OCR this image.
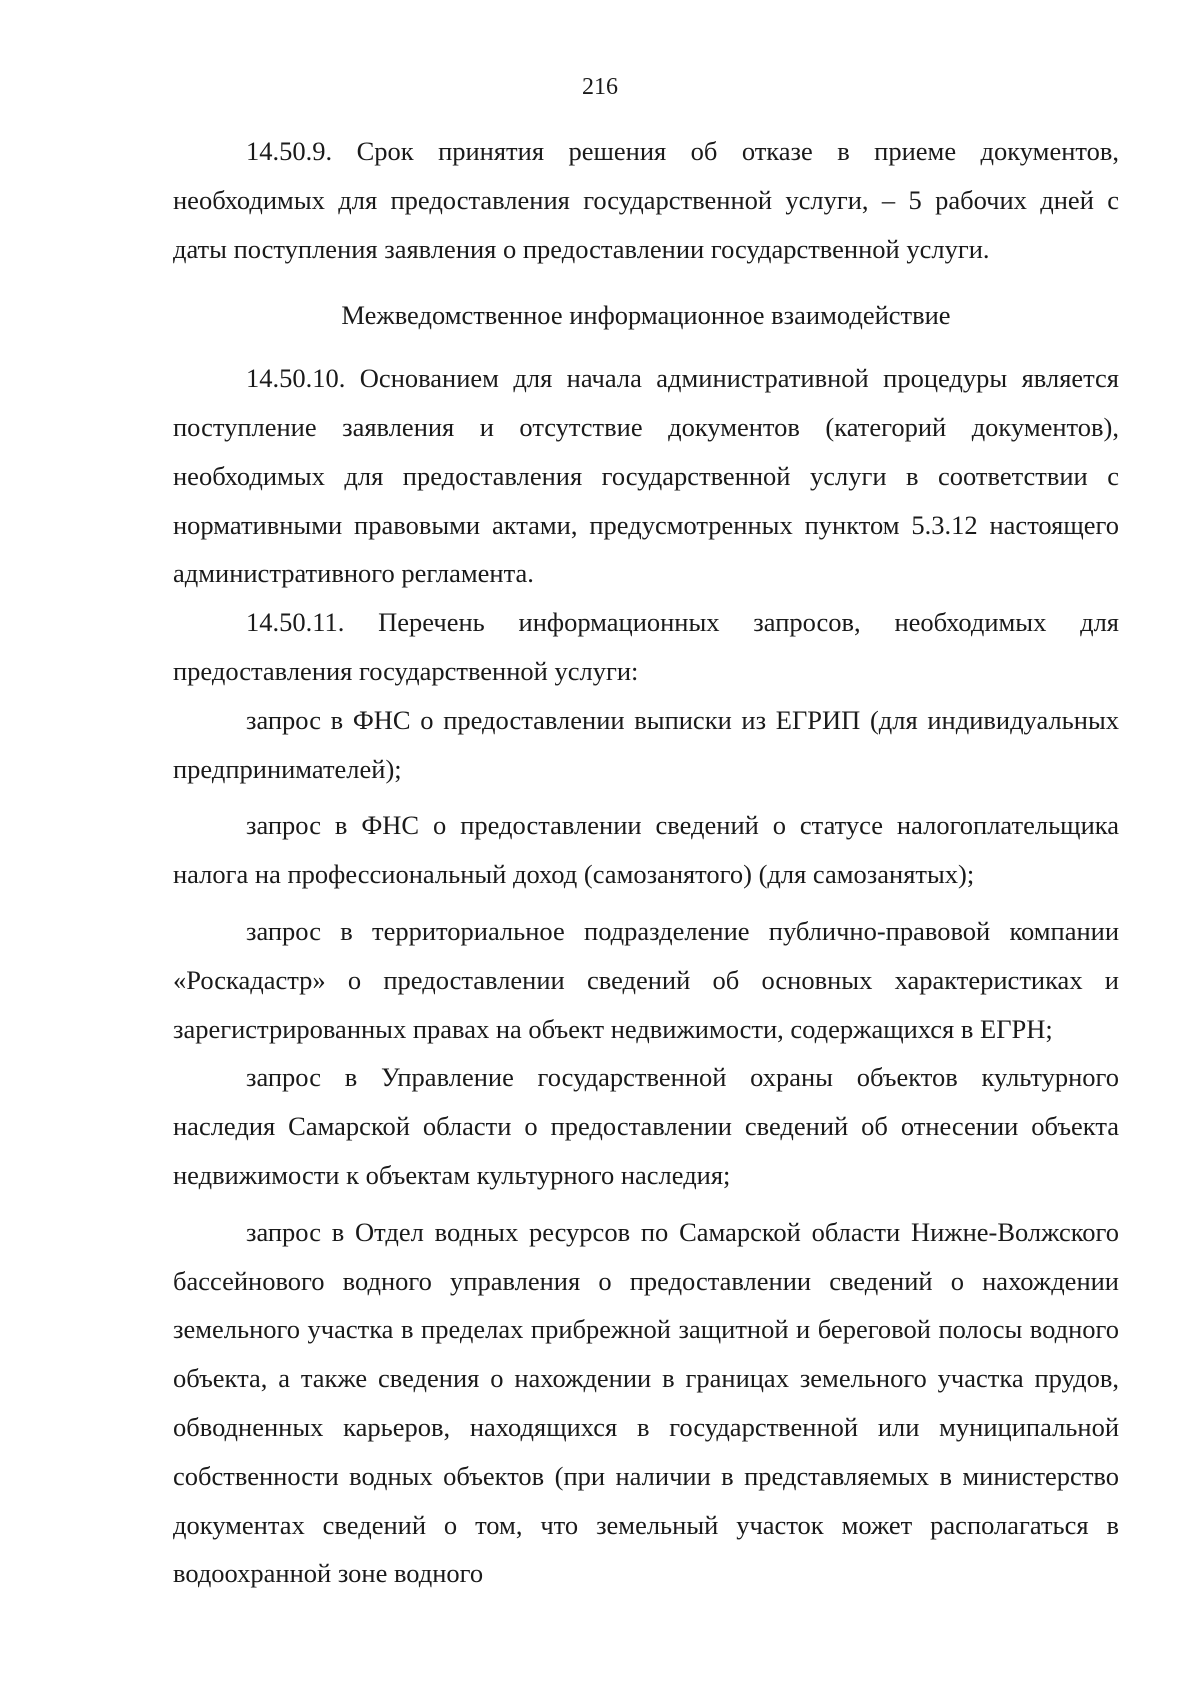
216

14.50.9. Срок принятия решения об отказе в приеме документов, необходимых для предоставления государственной услуги, – 5 рабочих дней с даты поступления заявления о предоставлении государственной услуги.

Межведомственное информационное взаимодействие

14.50.10. Основанием для начала административной процедуры является поступление заявления и отсутствие документов (категорий документов), необходимых для предоставления государственной услуги в соответствии с нормативными правовыми актами, предусмотренных пунктом 5.3.12 настоящего административного регламента.

14.50.11. Перечень информационных запросов, необходимых для предоставления государственной услуги:

запрос в ФНС о предоставлении выписки из ЕГРИП (для индивидуальных предпринимателей);

запрос в ФНС о предоставлении сведений о статусе налогоплательщика налога на профессиональный доход (самозанятого) (для самозанятых);

запрос в территориальное подразделение публично-правовой компании «Роскадастр» о предоставлении сведений об основных характеристиках и зарегистрированных правах на объект недвижимости, содержащихся в ЕГРН;

запрос в Управление государственной охраны объектов культурного наследия Самарской области о предоставлении сведений об отнесении объекта недвижимости к объектам культурного наследия;

запрос в Отдел водных ресурсов по Самарской области Нижне-Волжского бассейнового водного управления о предоставлении сведений о нахождении земельного участка в пределах прибрежной защитной и береговой полосы водного объекта, а также сведения о нахождении в границах земельного участка прудов, обводненных карьеров, находящихся в государственной или муниципальной собственности водных объектов (при наличии в представляемых в министерство документах сведений о том, что земельный участок может располагаться в водоохранной зоне водного
